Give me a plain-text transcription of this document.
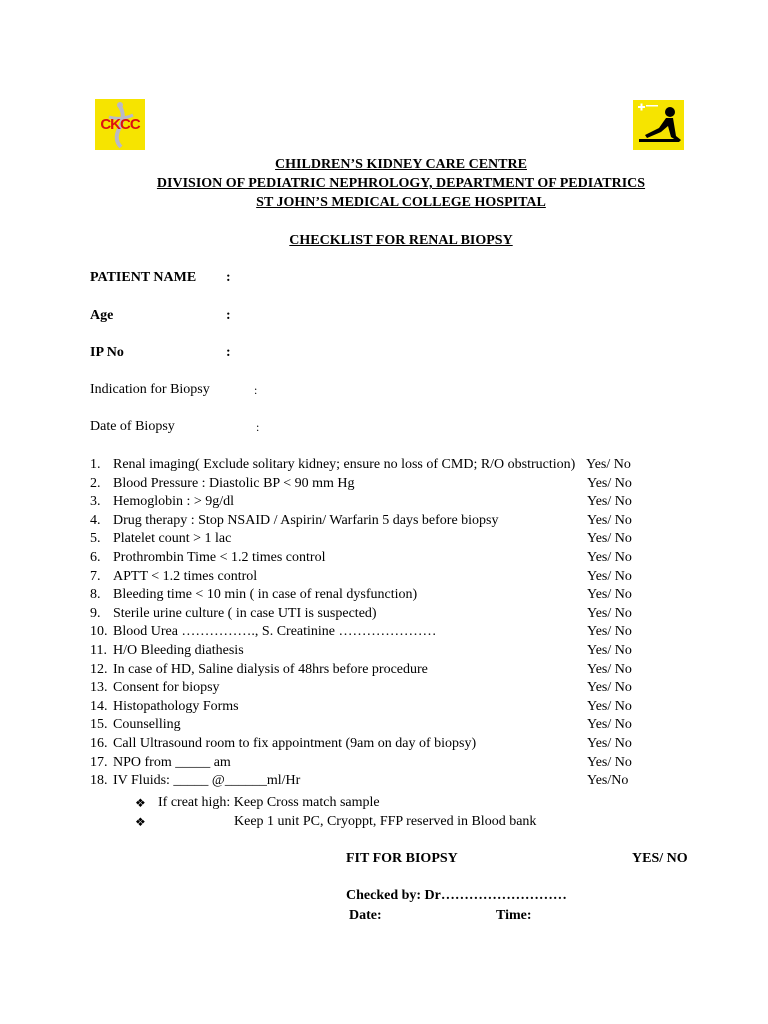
CKCC
CHILDREN’S KIDNEY CARE CENTRE
DIVISION OF PEDIATRIC NEPHROLOGY, DEPARTMENT OF PEDIATRICS
ST JOHN’S MEDICAL COLLEGE HOSPITAL
CHECKLIST FOR RENAL BIOPSY
PATIENT NAME :
Age	:
IP No	:
Indication for Biopsy	:
Date of Biopsy	:
1. Renal imaging( Exclude solitary kidney; ensure no loss of CMD; R/O obstruction) Yes/ No
2. Blood Pressure : Diastolic BP < 90 mm Hg	Yes/ No
3. Hemoglobin : > 9g/dl	Yes/ No
4. Drug therapy : Stop NSAID / Aspirin/ Warfarin 5 days before biopsy	Yes/ No
5. Platelet count > 1 lac	Yes/ No
6. Prothrombin Time < 1.2 times control	Yes/ No
7. APTT < 1.2 times control	Yes/ No
8. Bleeding time < 10 min ( in case of renal dysfunction)	Yes/ No
9. Sterile urine culture ( in case UTI is suspected)	Yes/ No
10. Blood Urea ……………., S. Creatinine …………………	Yes/ No
11. H/O Bleeding diathesis	Yes/ No
12. In case of HD, Saline dialysis of 48hrs before procedure	Yes/ No
13. Consent for biopsy	Yes/ No
14. Histopathology Forms	Yes/ No
15. Counselling	Yes/ No
16. Call Ultrasound room to fix appointment (9am on day of biopsy)	Yes/ No
17. NPO from _____ am	Yes/ No
18. IV Fluids: _____ @______ml/Hr	Yes/No
❖ If creat high: Keep Cross match sample
❖	Keep 1 unit PC, Cryoppt, FFP reserved in Blood bank
FIT FOR BIOPSY	YES/ NO
Checked by: Dr………………………
Date:	Time:
